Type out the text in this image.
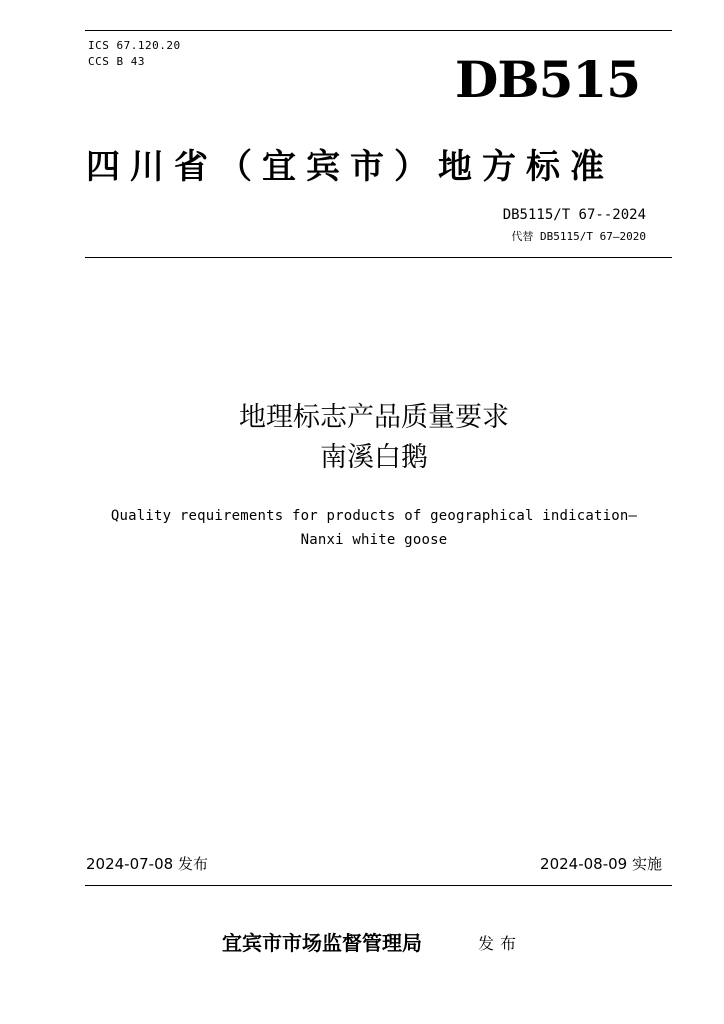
ICS 67.120.20
CCS B 43	DB515
四川省（宜宾市）地方标准
DB5115/T 67--2024
代替 DB5115/T 67—2020
地理标志产品质量要求
南溪白鹅
Quality requirements for products of geographical indication—
Nanxi white goose
2024-07-08 发布	2024-08-09 实施
宜宾市市场监督管理局	发布
